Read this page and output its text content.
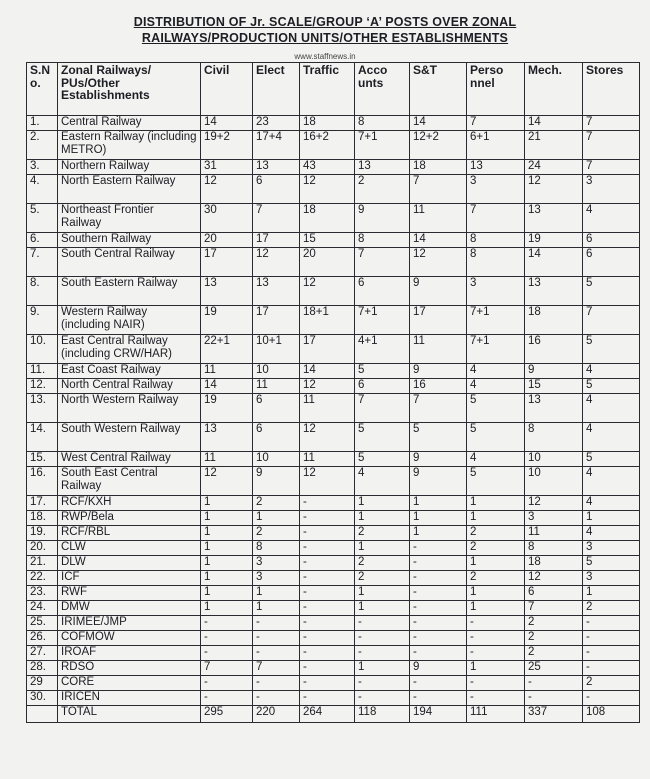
DISTRIBUTION OF Jr. SCALE/GROUP ‘A’ POSTS OVER ZONAL
RAILWAYS/PRODUCTION UNITS/OTHER ESTABLISHMENTS
www.staffnews.in
S.N o.	Zonal Railways/ PUs/Other Establishments	Civil	Elect	Traffic	Acco unts	S&T	Perso nnel	Mech.	Stores
1.	Central Railway	14	23	18	8	14	7	14	7
2.	Eastern Railway (including METRO)	19+2	17+4	16+2	7+1	12+2	6+1	21	7
3.	Northern Railway	31	13	43	13	18	13	24	7
4.	North Eastern Railway	12	6	12	2	7	3	12	3
5.	Northeast Frontier Railway	30	7	18	9	11	7	13	4
6.	Southern Railway	20	17	15	8	14	8	19	6
7.	South Central Railway	17	12	20	7	12	8	14	6
8.	South Eastern Railway	13	13	12	6	9	3	13	5
9.	Western Railway (including NAIR)	19	17	18+1	7+1	17	7+1	18	7
10.	East Central Railway (including CRW/HAR)	22+1	10+1	17	4+1	11	7+1	16	5
11.	East Coast Railway	11	10	14	5	9	4	9	4
12.	North Central Railway	14	11	12	6	16	4	15	5
13.	North Western Railway	19	6	11	7	7	5	13	4
14.	South Western Railway	13	6	12	5	5	5	8	4
15.	West Central Railway	11	10	11	5	9	4	10	5
16.	South East Central Railway	12	9	12	4	9	5	10	4
17.	RCF/KXH	1	2	-	1	1	1	12	4
18.	RWP/Bela	1	1	-	1	1	1	3	1
19.	RCF/RBL	1	2	-	2	1	2	11	4
20.	CLW	1	8	-	1	-	2	8	3
21.	DLW	1	3	-	2	-	1	18	5
22.	ICF	1	3	-	2	-	2	12	3
23.	RWF	1	1	-	1	-	1	6	1
24.	DMW	1	1	-	1	-	1	7	2
25.	IRIMEE/JMP	-	-	-	-	-	-	2	-
26.	COFMOW	-	-	-	-	-	-	2	-
27.	IROAF	-	-	-	-	-	-	2	-
28.	RDSO	7	7	-	1	9	1	25	-
29	CORE	-	-	-	-	-	-	-	2
30.	IRICEN	-	-	-	-	-	-	-	-
	TOTAL	295	220	264	118	194	111	337	108
